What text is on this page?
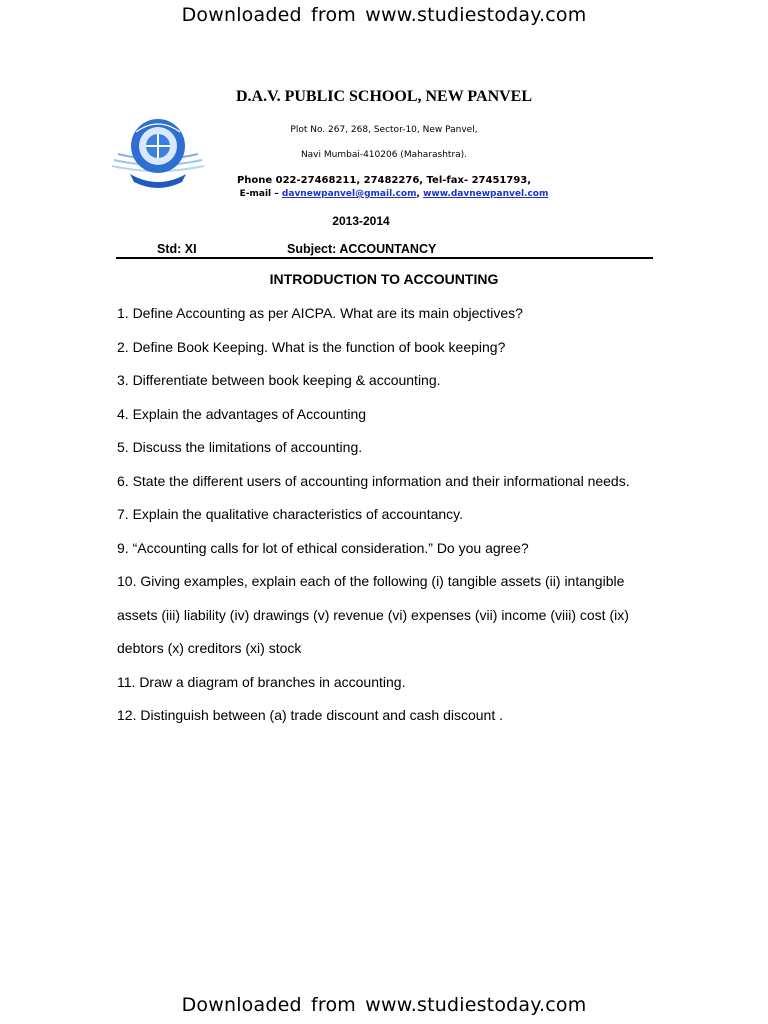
Downloaded from www.studiestoday.com
D.A.V. PUBLIC SCHOOL, NEW PANVEL
Plot No. 267, 268, Sector-10, New Panvel,
Navi Mumbai-410206 (Maharashtra).
Phone 022-27468211, 27482276, Tel-fax- 27451793,
E-mail – davnewpanvel@gmail.com, www.davnewpanvel.com
2013-2014
Std: XI	Subject: ACCOUNTANCY
INTRODUCTION TO ACCOUNTING
1. Define Accounting as per AICPA. What are its main objectives?
2. Define Book Keeping. What is the function of book keeping?
3. Differentiate between book keeping & accounting.
4. Explain the advantages of Accounting
5. Discuss the limitations of accounting.
6. State the different users of accounting information and their informational needs.
7. Explain the qualitative characteristics of accountancy.
9. “Accounting calls for lot of ethical consideration.” Do you agree?
10. Giving examples, explain each of the following (i) tangible assets (ii) intangible
assets (iii) liability (iv) drawings (v) revenue (vi) expenses (vii) income (viii) cost (ix)
debtors (x) creditors (xi) stock
11. Draw a diagram of branches in accounting.
12. Distinguish between (a) trade discount and cash discount .
Downloaded from www.studiestoday.com
